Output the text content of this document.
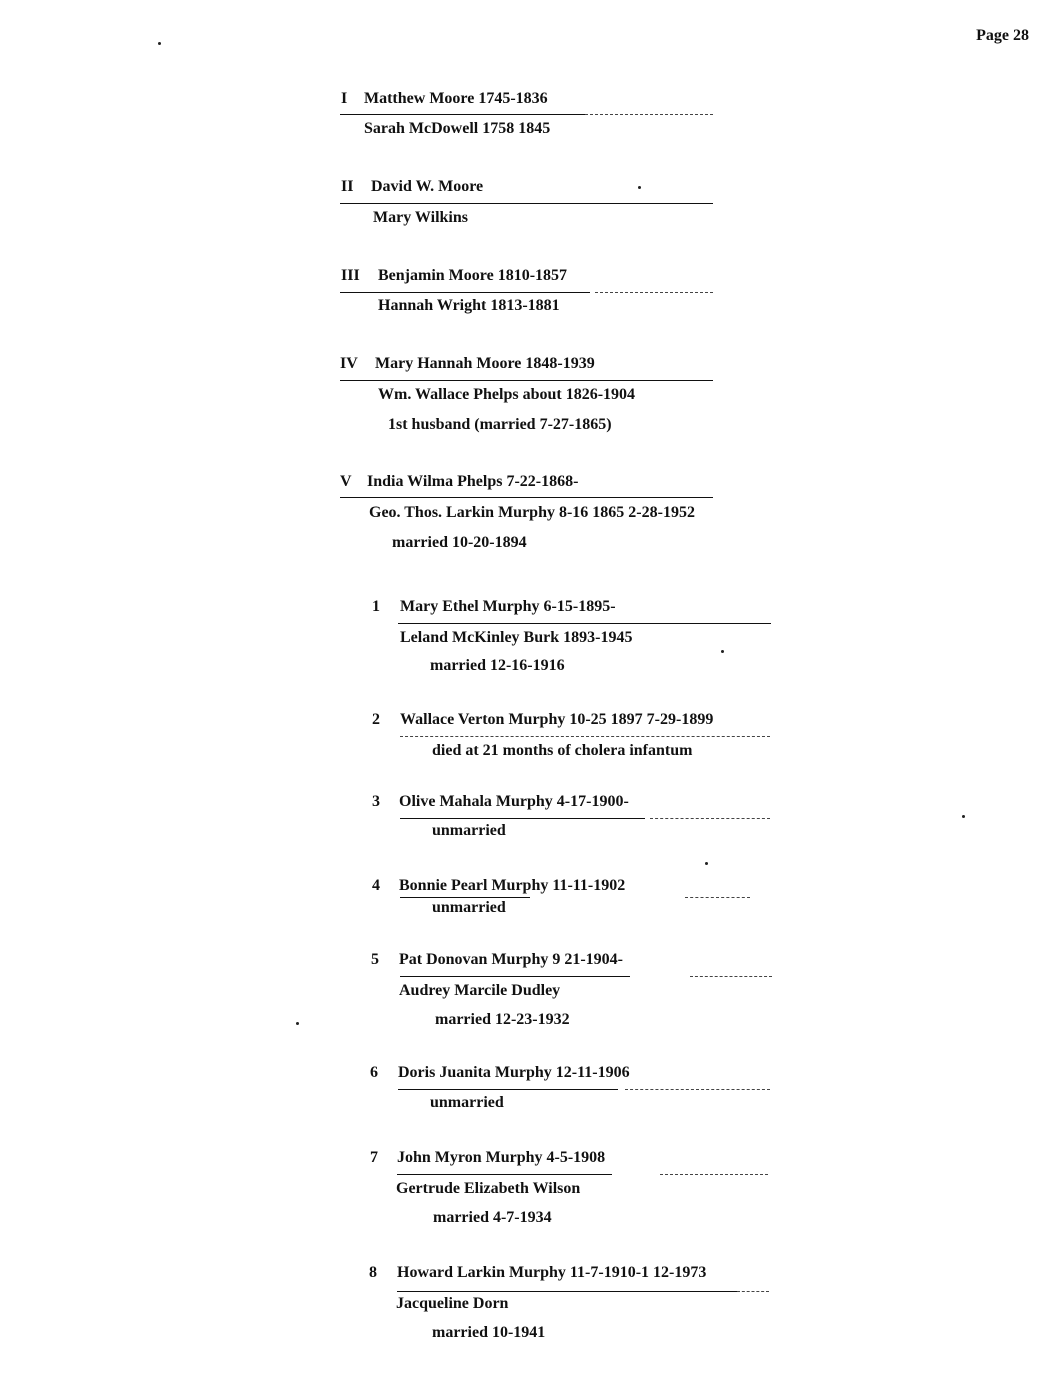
Page 28
I Matthew Moore 1745-1836
Sarah McDowell 1758 1845
II David W. Moore
Mary Wilkins
III Benjamin Moore 1810-1857
Hannah Wright 1813-1881
IV Mary Hannah Moore 1848-1939
Wm. Wallace Phelps about 1826-1904
1st husband (married 7-27-1865)
V India Wilma Phelps 7-22-1868-
Geo. Thos. Larkin Murphy 8-16 1865 2-28-1952
married 10-20-1894
1 Mary Ethel Murphy 6-15-1895-
Leland McKinley Burk 1893-1945
married 12-16-1916
2 Wallace Verton Murphy 10-25 1897 7-29-1899
died at 21 months of cholera infantum
3 Olive Mahala Murphy 4-17-1900-
unmarried
4 Bonnie Pearl Murphy 11-11-1902
unmarried
5 Pat Donovan Murphy 9 21-1904-
Audrey Marcile Dudley
married 12-23-1932
6 Doris Juanita Murphy 12-11-1906
unmarried
7 John Myron Murphy 4-5-1908
Gertrude Elizabeth Wilson
married 4-7-1934
8 Howard Larkin Murphy 11-7-1910-1 12-1973
Jacqueline Dorn
married 10-1941
